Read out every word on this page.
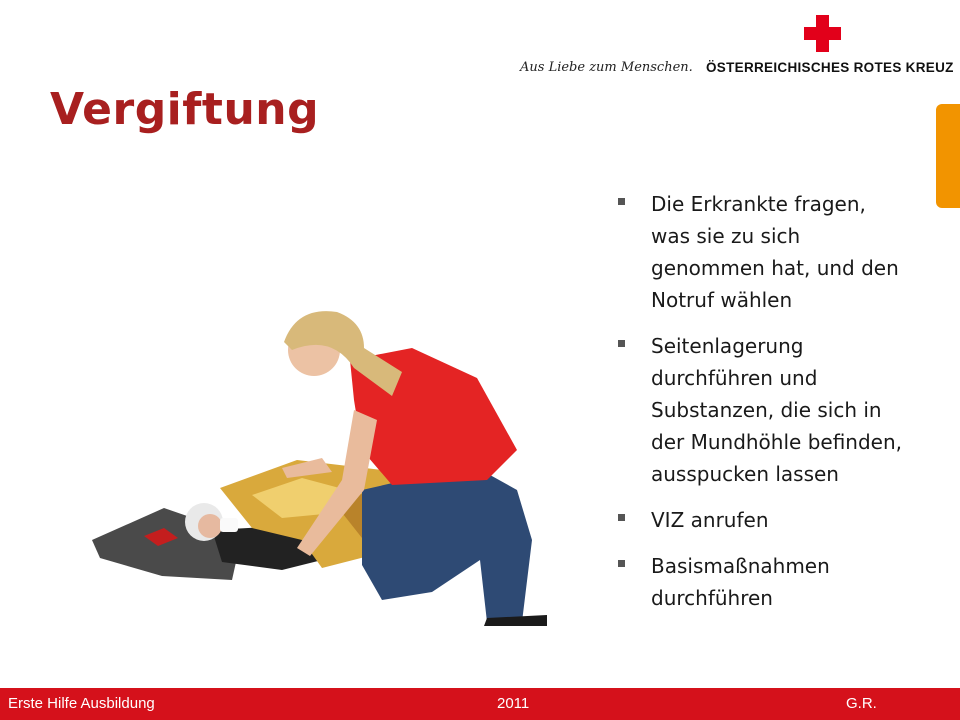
Aus Liebe zum Menschen. ÖSTERREICHISCHES ROTES KREUZ
Vergiftung
Die Erkrankte fragen, was sie zu sich genommen hat, und den Notruf wählen
Seitenlagerung durchführen und Substanzen, die sich in der Mundhöhle befinden, ausspucken lassen
VIZ anrufen
Basismaßnahmen durchführen
Erste Hilfe Ausbildung	2011	G.R.
